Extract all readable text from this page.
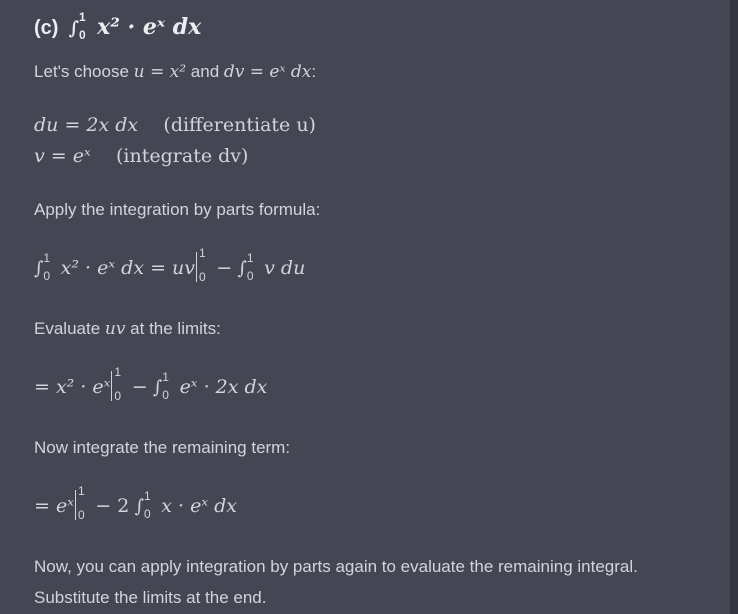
(c) ∫
1
0 x² · eˣ dx
Let's choose u = x² and dv = eˣ dx:
du = 2x dx (differentiate u)
v = eˣ (integrate dv)
Apply the integration by parts formula:
∫
1
0 x² · eˣ dx = uv
1
0 − ∫
1
0 v du
Evaluate uv at the limits:
= x² · eˣ
1
0 − ∫
1
0 eˣ · 2x dx
Now integrate the remaining term:
= eˣ
1
0 − 2 ∫
1
0 x · eˣ dx
Now, you can apply integration by parts again to evaluate the remaining integral.
Substitute the limits at the end.
